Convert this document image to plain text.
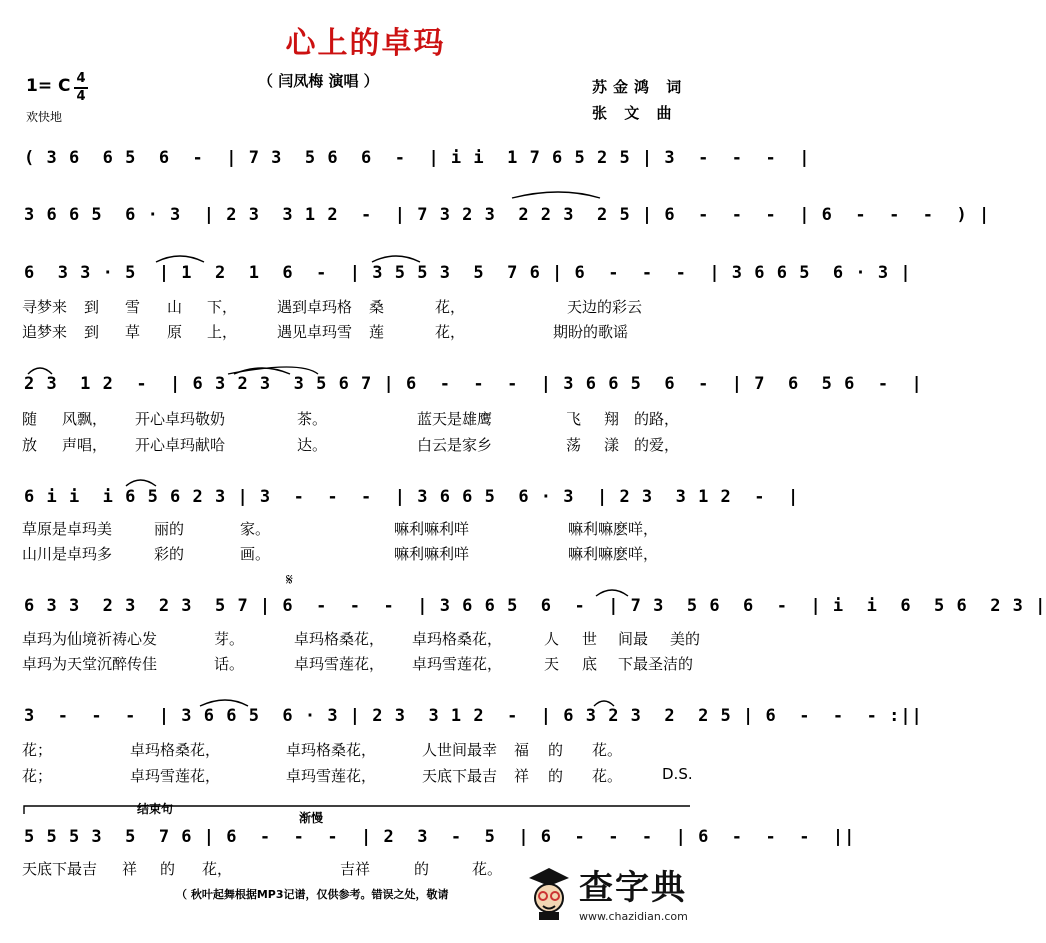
心上的卓玛
（ 闫凤梅 演唱 ）	苏金鸿 词
张 文 曲
1= C 4
4
欢快地
( 3 6  6 5  6  -  | 7 3  5 6  6  -  | i i  1 7 6 5 2 5 | 3  -  -  -  |
3 6 6 5  6 · 3  | 2 3  3 1 2  -  | 7 3 2 3  2 2 3  2 5 | 6  -  -  -  | 6  -  -  -  ) |
6  3 3 · 5  | 1  2  1  6  -  | 3 5 5 3  5  7 6 | 6  -  -  -  | 3 6 6 5  6 · 3 |
2 3  1 2  -  | 6 3 2 3  3 5 6 7 | 6  -  -  -  | 3 6 6 5  6  -  | 7  6  5 6  -  |
6 i i  i 6 5 6 2 3 | 3  -  -  -  | 3 6 6 5  6 · 3  | 2 3  3 1 2  -  |
6 3 3  2 3  2 3  5 7 | 6  -  -  -  | 3 6 6 5  6  -  | 7 3  5 6  6  -  | i  i  6  5 6  2 3 |
3  -  -  -  | 3 6 6 5  6 · 3 | 2 3  3 1 2  -  | 6 3 2 3  2  2 5 | 6  -  -  - :||
5 5 5 3  5  7 6 | 6  -  -  -  | 2  3  -  5  | 6  -  -  -  | 6  -  -  -  ||
寻梦来 到 雪 山 下，	遇到卓玛格 桑	花，	天边的彩云
追梦来 到 草 原 上，	遇见卓玛雪 莲	花，	期盼的歌谣
随 风飘， 开心卓玛敬奶	茶。	蓝天是雄鹰	飞 翔 的路，
放 声唱， 开心卓玛献哈	达。	白云是家乡	荡 漾 的爱，
草原是卓玛美	丽的	家。	嘛利嘛利咩	嘛利嘛麽咩，
山川是卓玛多	彩的	画。	嘛利嘛利咩	嘛利嘛麽咩，
𝄋
卓玛为仙境祈祷心发	芽。	卓玛格桑花， 卓玛格桑花，	人 世 间最 美的
卓玛为天堂沉醉传佳	话。	卓玛雪莲花， 卓玛雪莲花，	天 底 下最圣洁的
花；	卓玛格桑花，	卓玛格桑花，	人世间最幸 福 的 花。
花；	卓玛雪莲花，	卓玛雪莲花，	天底下最吉 祥 的 花。	D.S.
结束句
渐慢
天底下最吉 祥 的 花，	吉祥	的	花。
（ 秋叶起舞根据MP3记谱，仅供参考。错误之处，敬请	查字典
www.chazidian.com
